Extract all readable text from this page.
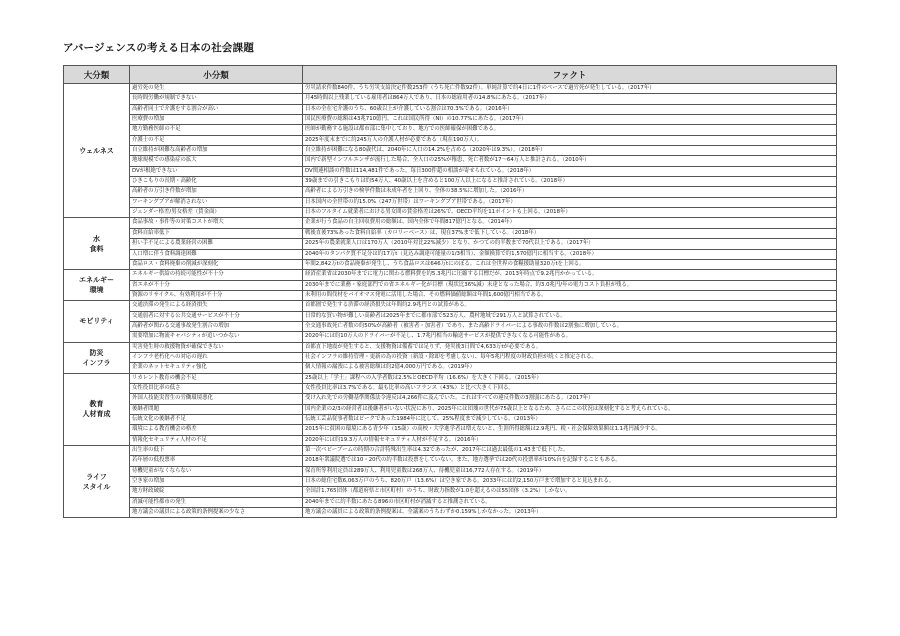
アバージェンスの考える日本の社会課題
大分類	小分類	ファクト

ウェルネス	過労死の発生	労災請求件数840件、うち労災支給決定件数253件（うち死亡件数92件）。単純計算で約4日に1件のペースで過労死が発生している。（2017年）
	長時間労働が規制できない	月45時間以上残業している雇用者は864万人であり、日本の総雇用者の14.8%にあたる。（2017年）
	高齢者同士で介護をする割合が高い	日本の全在宅介護のうち、60歳以上が介護している割合は70.3%である。（2016年）
	医療費の増加	国民医療費の総額は43兆710億円。これは国民所得（NI）の10.77%にあたる。（2017年）
	地方勤務医師の不足	医師が勤務する施設は都市部に集中しており、地方での医師確保が困難である。
	介護士の不足	2025年度末までに約245万人の介護人材が必要である（現在190万人）。
	自立維持が困難な高齢者の増加	自立維持が困難になる80歳代は、2040年に人口の14.2%を占める（2020年は9.3%）。（2018年）
	地球規模での感染症の拡大	国内で新型インフルエンザが流行した場合、全人口の25%が罹患、死亡者数が17～64万人と推計される。（2010年）
	DVが根絶できない	DV関連相談の件数は114,481件であった。毎日300件超の相談が寄せられている。（2018年）
	ひきこもりの長期・高齢化	39歳までの引きこもりは約54万人、40歳以上を含めると100万人以上になると推計されている。（2018年）
	高齢者の万引き件数が増加	高齢者による万引きの検挙件数は未成年者を上回り、全体の38.5%に増加した。（2016年）
	ワーキングプアが解消されない	日本国内の全世帯の約15.0%（247万世帯）はワーキングプア世帯である。（2017年）
	ジェンダー格差/男女格差（賃金面）	日本のフルタイム就業者における男女間の賃金格差は26%で、OECD平均を11ポイントも上回る。（2018年）

水
食料	食品事故・事件等の対策コストが増大	企業が行う食品の自主回収費用の総額は、国内全体で年間817億円となる。（2014年）
	食料自給率低下	戦後直後73%あった食料自給率（カロリーベース）は、現在37%まで低下している。（2018年）
	担い手不足による農業経営の困難	2025年の農業就業人口は170万人（2010年対比22%減少）となり、かつての約半数まで70代以上である。（2017年）
	人口増に伴う食料調達困難	2040年のタンパク質不足分は約17万t（見込み調達可能量の1/3相当）、金額換算で約1,570億円に相当する。（2018年）
	食品ロス・食料廃棄の削減が深刻化	年間2,842万tの食品廃棄が発生し、うち食品ロスは646万tにのぼる。これは全世界の食糧援助量320万tを上回る。

エネルギー
環境	エネルギー供給の持続可能性が不十分	経済産業省は2030年までに電力に関わる燃料費を約5.3兆円に圧縮する目標だが、2013年時点で9.2兆円かかっている。
	省エネが不十分	2030年までに業務・家庭部門での省エネルギー化が目標（現状比36%減）未達となった場合、約3.0兆円/年の電力コスト負担が残る。
	資源のリサイクル、有効利用が不十分	未利用の間伐材をバイオマス発電に活用した場合、その燃料価値総額は年間1,600億円相当である。

モビリティ	交通渋滞の発生による経済損失	首都圏で発生する渋滞の経済損失は年間約2.9兆円との試算がある。
	交通弱者に対する公共交通サービスが不十分	日常的な買い物が難しい高齢者は2025年までに都市部で523万人、農村地域で291万人と試算されている。
	高齢者が関わる交通事故発生割合の増加	全交通事故死亡者数の約50%が高齢者（被害者・加害者）であり、また高齢ドライバーによる事故の件数は2割強に増加している。
	需要増加に物流キャパシティが追いつかない	2020年には約10万人のドライバーが不足し、1.7兆円相当の輸送サービスが提供できなくなる可能性がある。

防災
インフラ	災害発生時の救援物資が確保できない	首都直下地震が発生すると、支援物資は備蓄では足りず、発災後3日間で4,633万tが必要である。
	インフラ老朽化への対応の遅れ	社会インフラの維持管理・更新の為の投資（新設・除却を考慮しない）、毎年5兆円程度の財政負担が続くと推定される。
	企業のネットセキュリティ強化	個人情報の漏洩による被害総額は約2億4,000万円である。（2019年）

教育
人材育成	リカレント教育の機会不足	25歳以上「学士」課程への入学者数は2.5%とOECD平均（16.6%）を大きく下回る。（2015年）
	女性役員比率の低さ	女性役員比率は3.7%である。最も比率の高いフランス（43%）と比べ大きく下回る。
	外国人技能実習生の労働環境悪化	受け入れ先での労働基準関係法令違反は4,266件に及んでいた。これはすべての違反件数の3割弱にあたる。（2017年）
	後継者問題	国内企業の2/3の経営者は後継者がいない状況にあり、2025年には団塊の世代が75歳以上となるため、さらにこの状況は深刻化すると考えられている。
	伝統文化の後継者不足	伝統工芸品従事者数はピークであった1984年に比して、25%程度まで減少している。（2013年）
	環境による教育機会の格差	2015年に貧困の環境にある青少年（15歳）の高校・大学進学者は増えないと、生涯所得総額は2.9兆円、税・社会保障効果額は1.1兆円減少する。
	情報化セキュリティ人材の不足	2020年には約19.3万人の情報セキュリティ人材が不足する。（2016年）

ライフ
スタイル	出生率の低下	第一次ベビーブームの時期の合計特殊出生率は4.32であったが、2017年には過去最低の1.43まで低下した。
	若年層の低投票率	2018年衆議院選では10・20代の約半数は投票をしていない。また、地方選挙では20代の投票率が10%台を記録することもある。
	待機児童がなくならない	保育所等利用定員は289万人、利用児童数は268万人、待機児童は16,772人存在する。（2019年）
	空き家の増加	日本の総住宅数6,063万戸のうち、820万戸（13.6%）は空き家である。2033年には約2,150万戸まで増加すると見込まれる。
	地方財政破綻	全国計1,765団体（都道府県と市区町村）のうち、財政力指数が1.0を超えるのは55団体（3.2%）しかない。
	消滅可能性都市の発生	2040年までに約半数にあたる896の市区町村が消滅すると推測されている。
	地方議会の議員による政策的条例提案の少なさ	地方議会の議員による政策的条例提案は、全議案のうちわずか0.159%しかなかった。（2013年）
